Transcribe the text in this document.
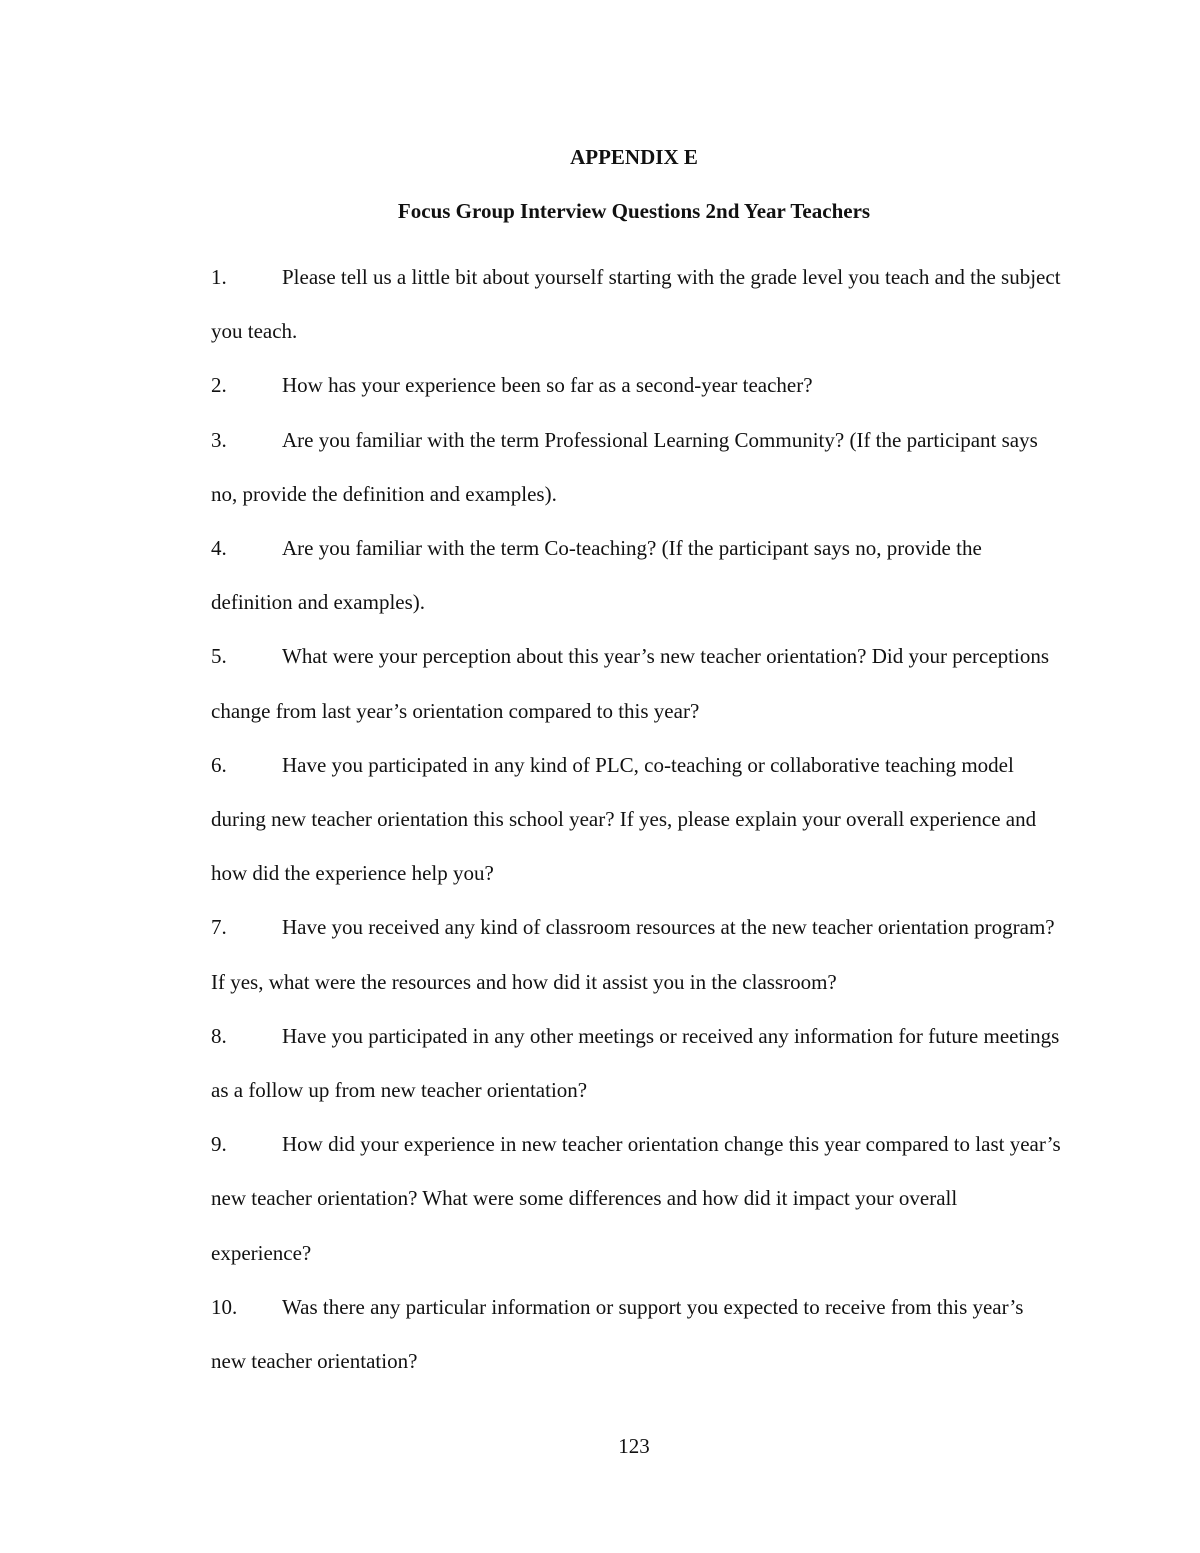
APPENDIX E
Focus Group Interview Questions 2nd Year Teachers
1.	Please tell us a little bit about yourself starting with the grade level you teach and the subject you teach.
2.	How has your experience been so far as a second-year teacher?
3.	Are you familiar with the term Professional Learning Community? (If the participant says no, provide the definition and examples).
4.	Are you familiar with the term Co-teaching? (If the participant says no, provide the definition and examples).
5.	What were your perception about this year’s new teacher orientation? Did your perceptions change from last year’s orientation compared to this year?
6.	Have you participated in any kind of PLC, co-teaching or collaborative teaching model during new teacher orientation this school year? If yes, please explain your overall experience and how did the experience help you?
7.	Have you received any kind of classroom resources at the new teacher orientation program? If yes, what were the resources and how did it assist you in the classroom?
8.	Have you participated in any other meetings or received any information for future meetings as a follow up from new teacher orientation?
9.	How did your experience in new teacher orientation change this year compared to last year’s new teacher orientation? What were some differences and how did it impact your overall experience?
10. Was there any particular information or support you expected to receive from this year’s new teacher orientation?
123
